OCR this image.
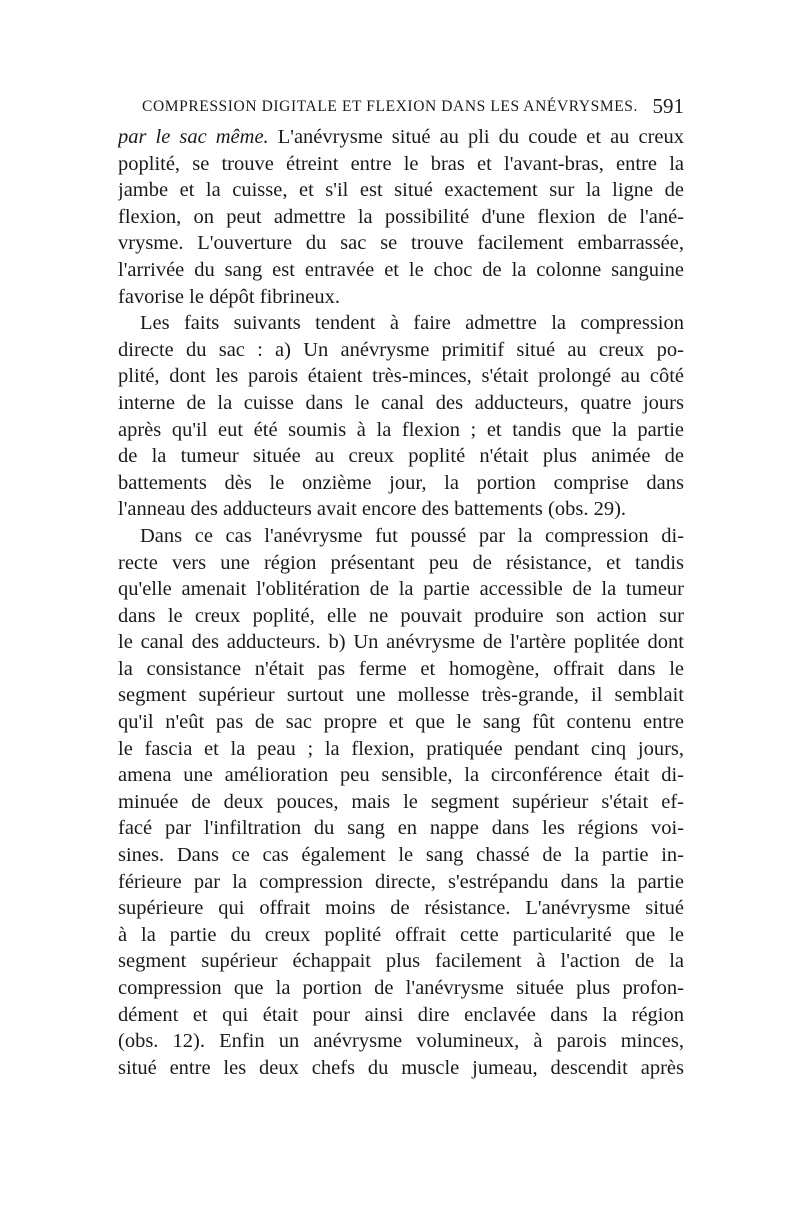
COMPRESSION DIGITALE ET FLEXION DANS LES ANÉVRYSMES. 591
par le sac même. L'anévrysme situé au pli du coude et au creux
poplité, se trouve étreint entre le bras et l'avant-bras, entre la
jambe et la cuisse, et s'il est situé exactement sur la ligne de
flexion, on peut admettre la possibilité d'une flexion de l'ané-
vrysme. L'ouverture du sac se trouve facilement embarrassée,
l'arrivée du sang est entravée et le choc de la colonne sanguine
favorise le dépôt fibrineux.
Les faits suivants tendent à faire admettre la compression
directe du sac : a) Un anévrysme primitif situé au creux po-
plité, dont les parois étaient très-minces, s'était prolongé au côté
interne de la cuisse dans le canal des adducteurs, quatre jours
après qu'il eut été soumis à la flexion ; et tandis que la partie
de la tumeur située au creux poplité n'était plus animée de
battements dès le onzième jour, la portion comprise dans
l'anneau des adducteurs avait encore des battements (obs. 29).
Dans ce cas l'anévrysme fut poussé par la compression di-
recte vers une région présentant peu de résistance, et tandis
qu'elle amenait l'oblitération de la partie accessible de la tumeur
dans le creux poplité, elle ne pouvait produire son action sur
le canal des adducteurs. b) Un anévrysme de l'artère poplitée dont
la consistance n'était pas ferme et homogène, offrait dans le
segment supérieur surtout une mollesse très-grande, il semblait
qu'il n'eût pas de sac propre et que le sang fût contenu entre
le fascia et la peau ; la flexion, pratiquée pendant cinq jours,
amena une amélioration peu sensible, la circonférence était di-
minuée de deux pouces, mais le segment supérieur s'était ef-
facé par l'infiltration du sang en nappe dans les régions voi-
sines. Dans ce cas également le sang chassé de la partie in-
férieure par la compression directe, s'estrépandu dans la partie
supérieure qui offrait moins de résistance. L'anévrysme situé
à la partie du creux poplité offrait cette particularité que le
segment supérieur échappait plus facilement à l'action de la
compression que la portion de l'anévrysme située plus profon-
dément et qui était pour ainsi dire enclavée dans la région
(obs. 12). Enfin un anévrysme volumineux, à parois minces,
situé entre les deux chefs du muscle jumeau, descendit après
